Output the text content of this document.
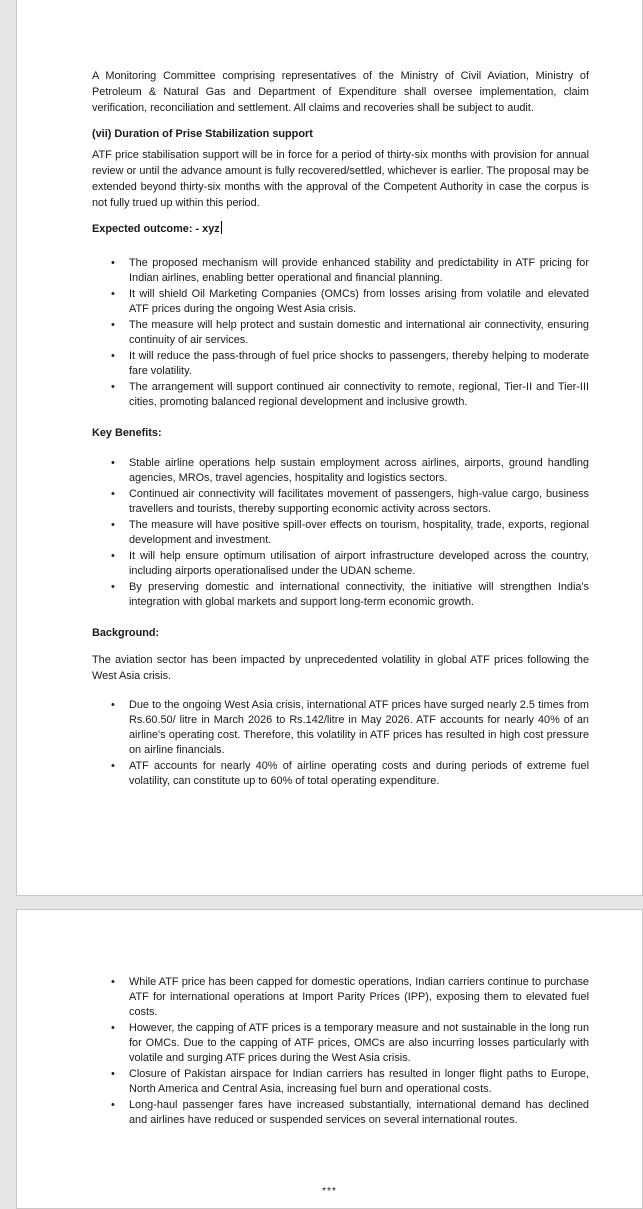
A Monitoring Committee comprising representatives of the Ministry of Civil Aviation, Ministry of Petroleum & Natural Gas and Department of Expenditure shall oversee implementation, claim verification, reconciliation and settlement. All claims and recoveries shall be subject to audit.

(vii) Duration of Prise Stabilization support

ATF price stabilisation support will be in force for a period of thirty-six months with provision for annual review or until the advance amount is fully recovered/settled, whichever is earlier. The proposal may be extended beyond thirty-six months with the approval of the Competent Authority in case the corpus is not fully trued up within this period.

Expected outcome: - xyz

• The proposed mechanism will provide enhanced stability and predictability in ATF pricing for Indian airlines, enabling better operational and financial planning.
• It will shield Oil Marketing Companies (OMCs) from losses arising from volatile and elevated ATF prices during the ongoing West Asia crisis.
• The measure will help protect and sustain domestic and international air connectivity, ensuring continuity of air services.
• It will reduce the pass-through of fuel price shocks to passengers, thereby helping to moderate fare volatility.
• The arrangement will support continued air connectivity to remote, regional, Tier-II and Tier-III cities, promoting balanced regional development and inclusive growth.

Key Benefits:

• Stable airline operations help sustain employment across airlines, airports, ground handling agencies, MROs, travel agencies, hospitality and logistics sectors.
• Continued air connectivity will facilitates movement of passengers, high-value cargo, business travellers and tourists, thereby supporting economic activity across sectors.
• The measure will have positive spill-over effects on tourism, hospitality, trade, exports, regional development and investment.
• It will help ensure optimum utilisation of airport infrastructure developed across the country, including airports operationalised under the UDAN scheme.
• By preserving domestic and international connectivity, the initiative will strengthen India's integration with global markets and support long-term economic growth.

Background:

The aviation sector has been impacted by unprecedented volatility in global ATF prices following the West Asia crisis.

• Due to the ongoing West Asia crisis, international ATF prices have surged nearly 2.5 times from Rs.60.50/ litre in March 2026 to Rs.142/litre in May 2026. ATF accounts for nearly 40% of an airline's operating cost. Therefore, this volatility in ATF prices has resulted in high cost pressure on airline financials.
• ATF accounts for nearly 40% of airline operating costs and during periods of extreme fuel volatility, can constitute up to 60% of total operating expenditure.
• While ATF price has been capped for domestic operations, Indian carriers continue to purchase ATF for international operations at Import Parity Prices (IPP), exposing them to elevated fuel costs.
• However, the capping of ATF prices is a temporary measure and not sustainable in the long run for OMCs. Due to the capping of ATF prices, OMCs are also incurring losses particularly with volatile and surging ATF prices during the West Asia crisis.
• Closure of Pakistan airspace for Indian carriers has resulted in longer flight paths to Europe, North America and Central Asia, increasing fuel burn and operational costs.
• Long-haul passenger fares have increased substantially, international demand has declined and airlines have reduced or suspended services on several international routes.
***
